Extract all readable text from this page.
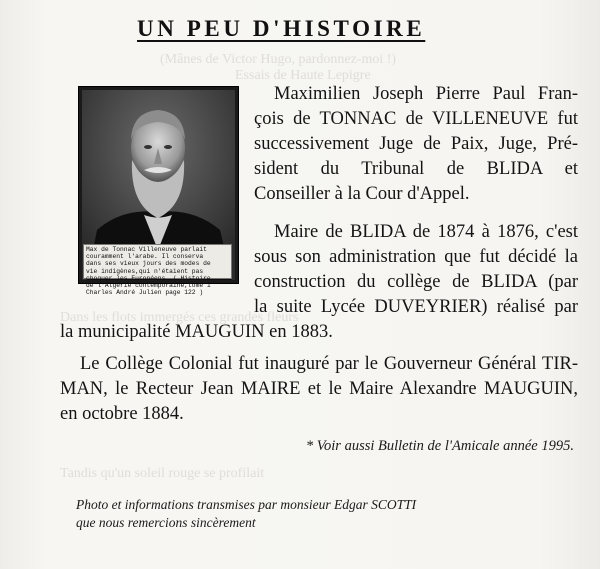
(Mânes de Victor Hugo, pardonnez-moi !)
Essais de Haute Lepigre
Dans les flots immergés ces grandes fleurs
Tandis qu'un soleil rouge se profilait
UN PEU D'HISTOIRE
Max de Tonnac Villeneuve parlait
couramment l'arabe. Il conserva
dans ses vieux jours des modes de
vie indigènes,qui n'étaient pas
choquer les Européens. ( Histoire
de l'Algérie contemporaine,tome 1
Charles André Julien page 122 )
Maximilien Joseph Pierre Paul Fran-
çois de TONNAC de VILLENEUVE fut
successivement Juge de Paix, Juge, Pré-
sident du Tribunal de BLIDA et
Conseiller à la Cour d'Appel.
Maire de BLIDA de 1874 à 1876, c'est
sous son administration que fut décidé la
construction du collège de BLIDA (par
la suite Lycée DUVEYRIER) réalisé par
la municipalité MAUGUIN en 1883.
Le Collège Colonial fut inauguré par le Gouverneur Général TIR-
MAN, le Recteur Jean MAIRE et le Maire Alexandre MAUGUIN,
en octobre 1884.
* Voir aussi Bulletin de l'Amicale année 1995.
Photo et informations transmises par monsieur Edgar SCOTTI
que nous remercions sincèrement
